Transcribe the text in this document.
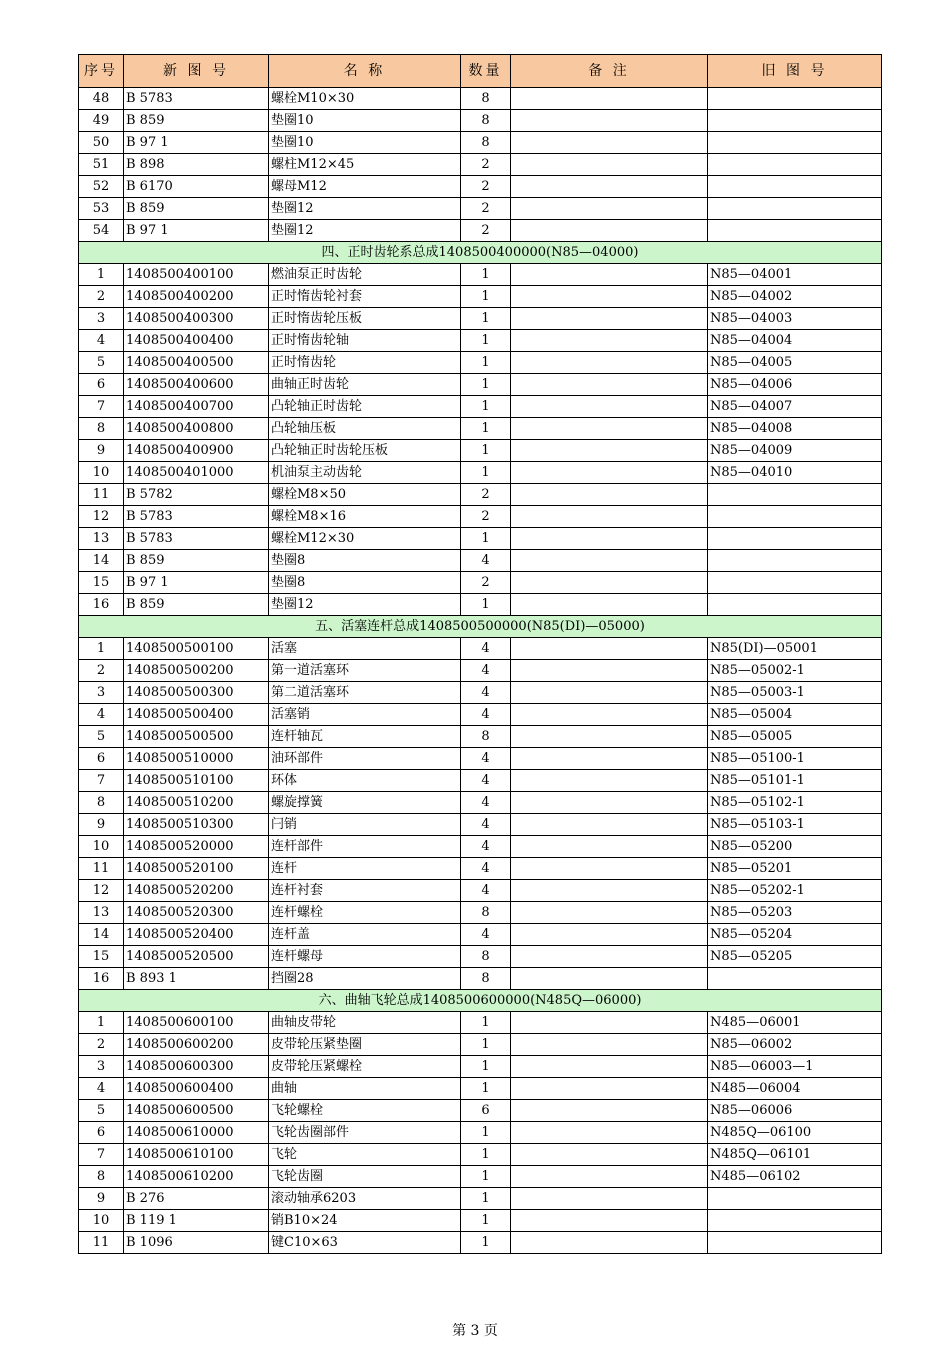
序号	新 图 号	名 称	数量	备 注	旧 图 号
48	B 5783	螺栓M10×30	8		
49	B 859	垫圈10	8		
50	B 97 1	垫圈10	8		
51	B 898	螺柱M12×45	2		
52	B 6170	螺母M12	2		
53	B 859	垫圈12	2		
54	B 97 1	垫圈12	2		
四、正时齿轮系总成1408500400000(N85—04000)					
1	1408500400100	燃油泵正时齿轮	1		N85—04001
2	1408500400200	正时惰齿轮衬套	1		N85—04002
3	1408500400300	正时惰齿轮压板	1		N85—04003
4	1408500400400	正时惰齿轮轴	1		N85—04004
5	1408500400500	正时惰齿轮	1		N85—04005
6	1408500400600	曲轴正时齿轮	1		N85—04006
7	1408500400700	凸轮轴正时齿轮	1		N85—04007
8	1408500400800	凸轮轴压板	1		N85—04008
9	1408500400900	凸轮轴正时齿轮压板	1		N85—04009
10	1408500401000	机油泵主动齿轮	1		N85—04010
11	B 5782	螺栓M8×50	2		
12	B 5783	螺栓M8×16	2		
13	B 5783	螺栓M12×30	1		
14	B 859	垫圈8	4		
15	B 97 1	垫圈8	2		
16	B 859	垫圈12	1		
五、活塞连杆总成1408500500000(N85(DI)—05000)					
1	1408500500100	活塞	4		N85(DI)—05001
2	1408500500200	第一道活塞环	4		N85—05002-1
3	1408500500300	第二道活塞环	4		N85—05003-1
4	1408500500400	活塞销	4		N85—05004
5	1408500500500	连杆轴瓦	8		N85—05005
6	1408500510000	油环部件	4		N85—05100-1
7	1408500510100	环体	4		N85—05101-1
8	1408500510200	螺旋撑簧	4		N85—05102-1
9	1408500510300	闩销	4		N85—05103-1
10	1408500520000	连杆部件	4		N85—05200
11	1408500520100	连杆	4		N85—05201
12	1408500520200	连杆衬套	4		N85—05202-1
13	1408500520300	连杆螺栓	8		N85—05203
14	1408500520400	连杆盖	4		N85—05204
15	1408500520500	连杆螺母	8		N85—05205
16	B 893 1	挡圈28	8		
六、曲轴飞轮总成1408500600000(N485Q—06000)					
1	1408500600100	曲轴皮带轮	1		N485—06001
2	1408500600200	皮带轮压紧垫圈	1		N85—06002
3	1408500600300	皮带轮压紧螺栓	1		N85—06003—1
4	1408500600400	曲轴	1		N485—06004
5	1408500600500	飞轮螺栓	6		N85—06006
6	1408500610000	飞轮齿圈部件	1		N485Q—06100
7	1408500610100	飞轮	1		N485Q—06101
8	1408500610200	飞轮齿圈	1		N485—06102
9	B 276	滚动轴承6203	1		
10	B 119 1	销B10×24	1		
11	B 1096	键C10×63	1		
第 3 页
